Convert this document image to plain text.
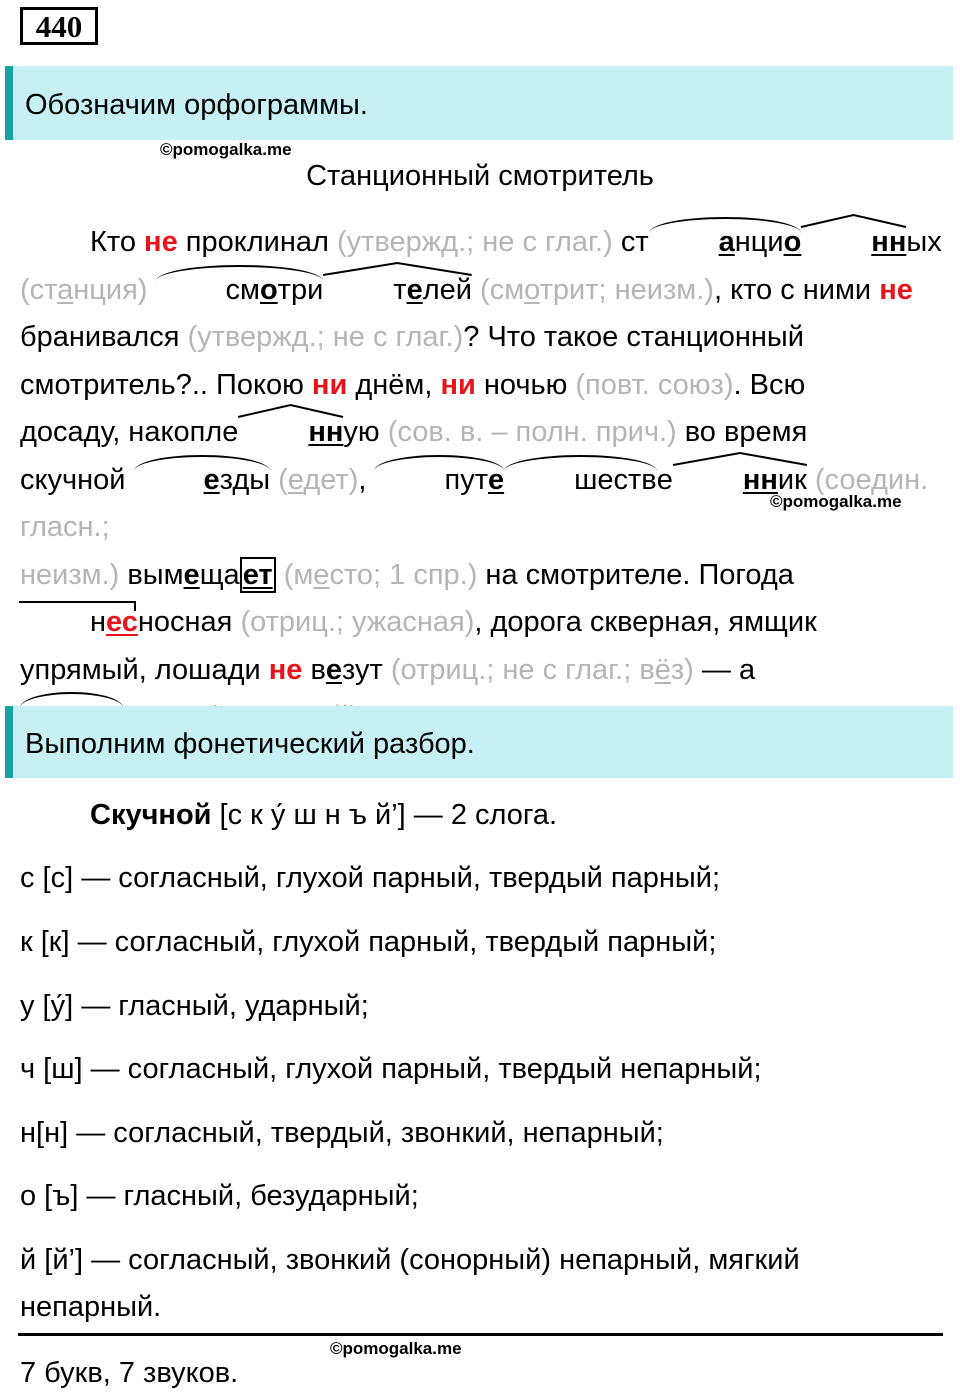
440
Обозначим орфограммы.
©pomogalka.me
Станционный смотритель

Кто не проклинал (утвержд.; не с глаг.) ст анцио нных
(станция)	смотри телей (смотрит; неизм.), кто с ними не
бранивался (утвержд.; не с глаг.)? Что такое станционный
смотритель?.. Покою ни днём, ни ночью (повт. союз). Всю
досаду, накопле нную (сов. в. – полн. прич.) во время
скучной езды (едет), путе шестве нник (соедин. гласн.;
неизм.) вымеща ет (место; 1 спр.) на смотрителе. Погода
несносная (отриц.; ужасная), дорога скверная, ямщик
упрямый, лошади не везут (отриц.; не с глаг.; вёз) — а

©pomogalka.me
Выполним фонетический разбор.
Скучной [с к у́ ш н ъ й’] — 2 слога.
с [с] — согласный, глухой парный, твердый парный;
к [к] — согласный, глухой парный, твердый парный;
у [у́] — гласный, ударный;
ч [ш] — согласный, глухой парный, твердый непарный;
н[н] — согласный, твердый, звонкий, непарный;
о [ъ] — гласный, безударный;
й [й’] — согласный, звонкий (сонорный) непарный, мягкий непарный.
©pomogalka.me
7 букв, 7 звуков.
